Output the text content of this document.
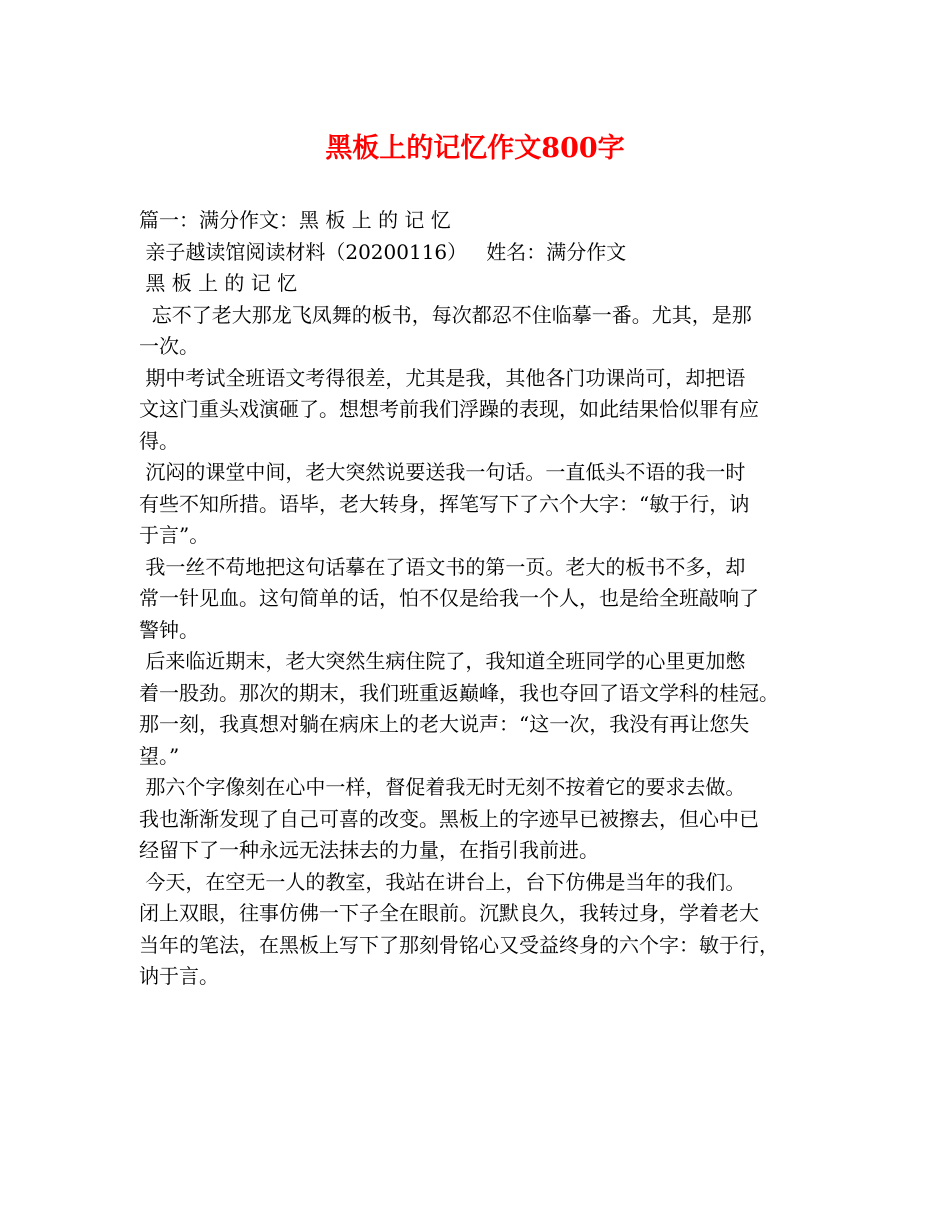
黑板上的记忆作文800字
篇一：满分作文：黑 板 上 的 记 忆
亲子越读馆阅读材料（20200116）   姓名：满分作文
黑 板 上 的 记 忆
忘不了老大那龙飞凤舞的板书，每次都忍不住临摹一番。尤其，是那
一次。
期中考试全班语文考得很差，尤其是我，其他各门功课尚可，却把语
文这门重头戏演砸了。想想考前我们浮躁的表现，如此结果恰似罪有应
得。
沉闷的课堂中间，老大突然说要送我一句话。一直低头不语的我一时
有些不知所措。语毕，老大转身，挥笔写下了六个大字：“敏于行，讷
于言”。
我一丝不苟地把这句话摹在了语文书的第一页。老大的板书不多，却
常一针见血。这句简单的话，怕不仅是给我一个人，也是给全班敲响了
警钟。
后来临近期末，老大突然生病住院了，我知道全班同学的心里更加憋
着一股劲。那次的期末，我们班重返巅峰，我也夺回了语文学科的桂冠。
那一刻，我真想对躺在病床上的老大说声：“这一次，我没有再让您失
望。”
那六个字像刻在心中一样，督促着我无时无刻不按着它的要求去做。
我也渐渐发现了自己可喜的改变。黑板上的字迹早已被擦去，但心中已
经留下了一种永远无法抹去的力量，在指引我前进。
今天，在空无一人的教室，我站在讲台上，台下仿佛是当年的我们。
闭上双眼，往事仿佛一下子全在眼前。沉默良久，我转过身，学着老大
当年的笔法，在黑板上写下了那刻骨铭心又受益终身的六个字：敏于行，
讷于言。
